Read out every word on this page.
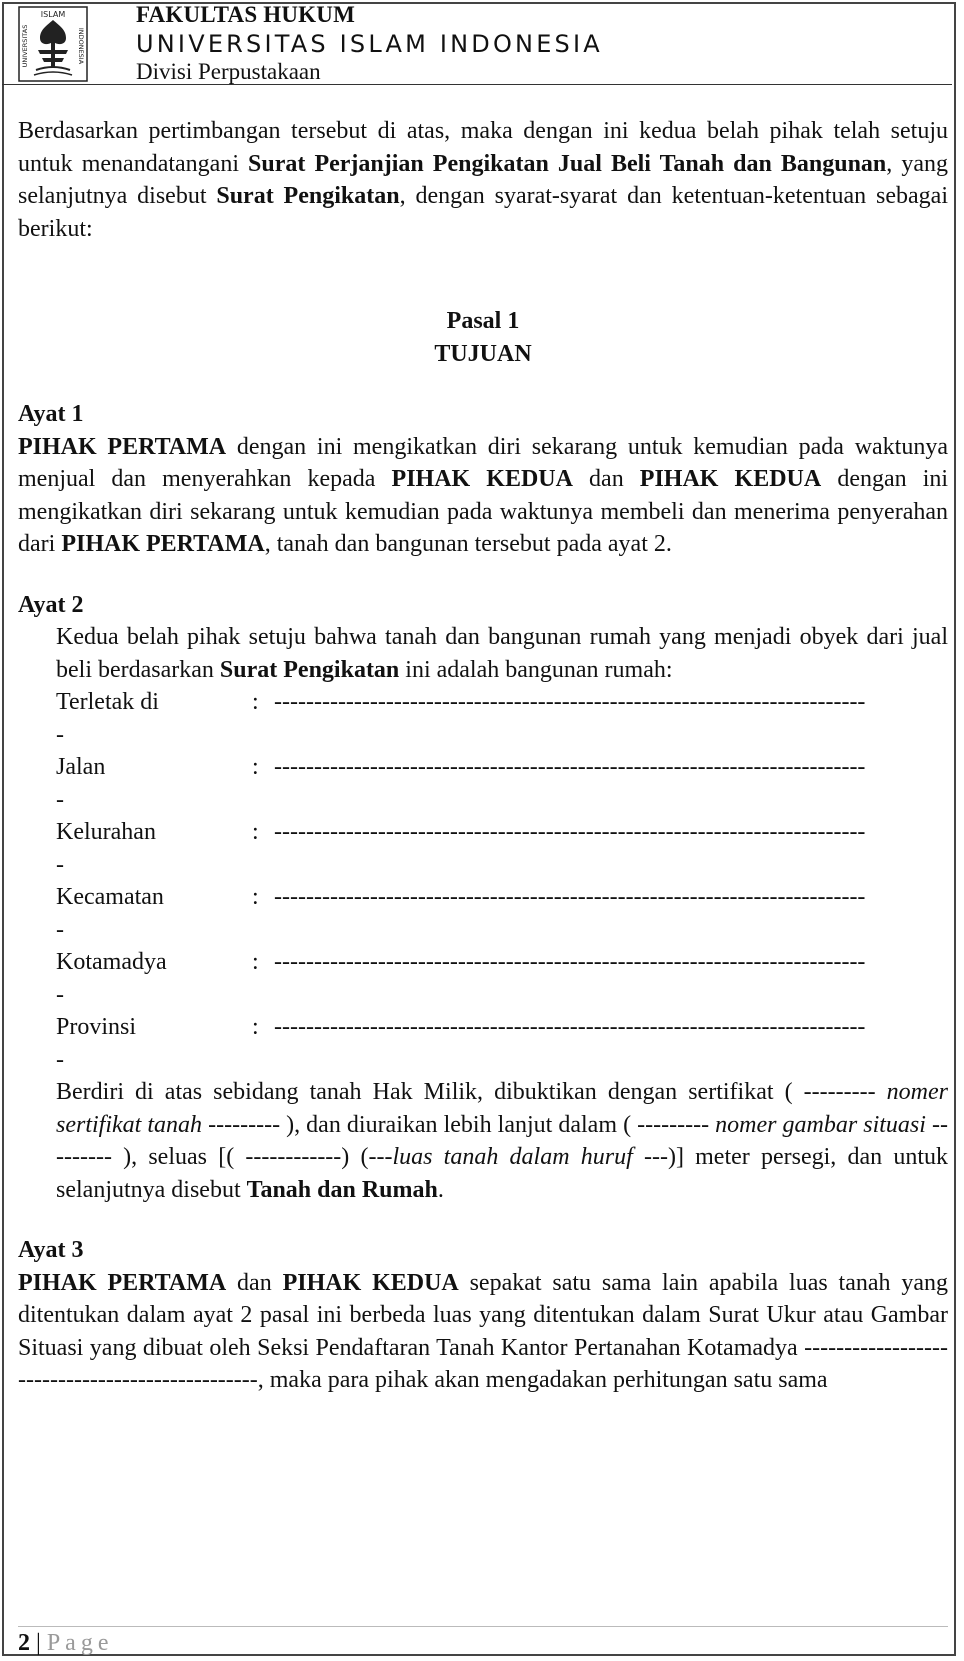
ISLAM
UNIVERSITAS	INDONESIA
FAKULTAS HUKUM
UNIVERSITAS ISLAM INDONESIA
Divisi Perpustakaan

Berdasarkan pertimbangan tersebut di atas, maka dengan ini kedua belah pihak telah setuju untuk menandatangani Surat Perjanjian Pengikatan Jual Beli Tanah dan Bangunan, yang selanjutnya disebut Surat Pengikatan, dengan syarat-syarat dan ketentuan-ketentuan sebagai berikut:

Pasal 1
TUJUAN
Ayat 1

PIHAK PERTAMA dengan ini mengikatkan diri sekarang untuk kemudian pada waktunya menjual dan menyerahkan kepada PIHAK KEDUA dan PIHAK KEDUA dengan ini mengikatkan diri sekarang untuk kemudian pada waktunya membeli dan menerima penyerahan dari PIHAK PERTAMA, tanah dan bangunan tersebut pada ayat 2.

Ayat 2

Kedua belah pihak setuju bahwa tanah dan bangunan rumah yang menjadi obyek dari jual beli berdasarkan Surat Pengikatan ini adalah bangunan rumah:

Terletak di	: --------------------------------------------------------------------------
-
Jalan	: --------------------------------------------------------------------------
-
Kelurahan	: --------------------------------------------------------------------------
-
Kecamatan	: --------------------------------------------------------------------------
-
Kotamadya	: --------------------------------------------------------------------------
-
Provinsi	: --------------------------------------------------------------------------
-

Berdiri di atas sebidang tanah Hak Milik, dibuktikan dengan sertifikat ( --------- nomer sertifikat tanah --------- ), dan diuraikan lebih lanjut dalam ( --------- nomer gambar situasi --------- ), seluas [( ------------) (---luas tanah dalam huruf ---)] meter persegi, dan untuk selanjutnya disebut Tanah dan Rumah.

Ayat 3

PIHAK PERTAMA dan PIHAK KEDUA sepakat satu sama lain apabila luas tanah yang ditentukan dalam ayat 2 pasal ini berbeda luas yang ditentukan dalam Surat Ukur atau Gambar Situasi yang dibuat oleh Seksi Pendaftaran Tanah Kantor Pertanahan Kotamadya ------------------------------------------------, maka para pihak akan mengadakan perhitungan satu sama

2 | Page
